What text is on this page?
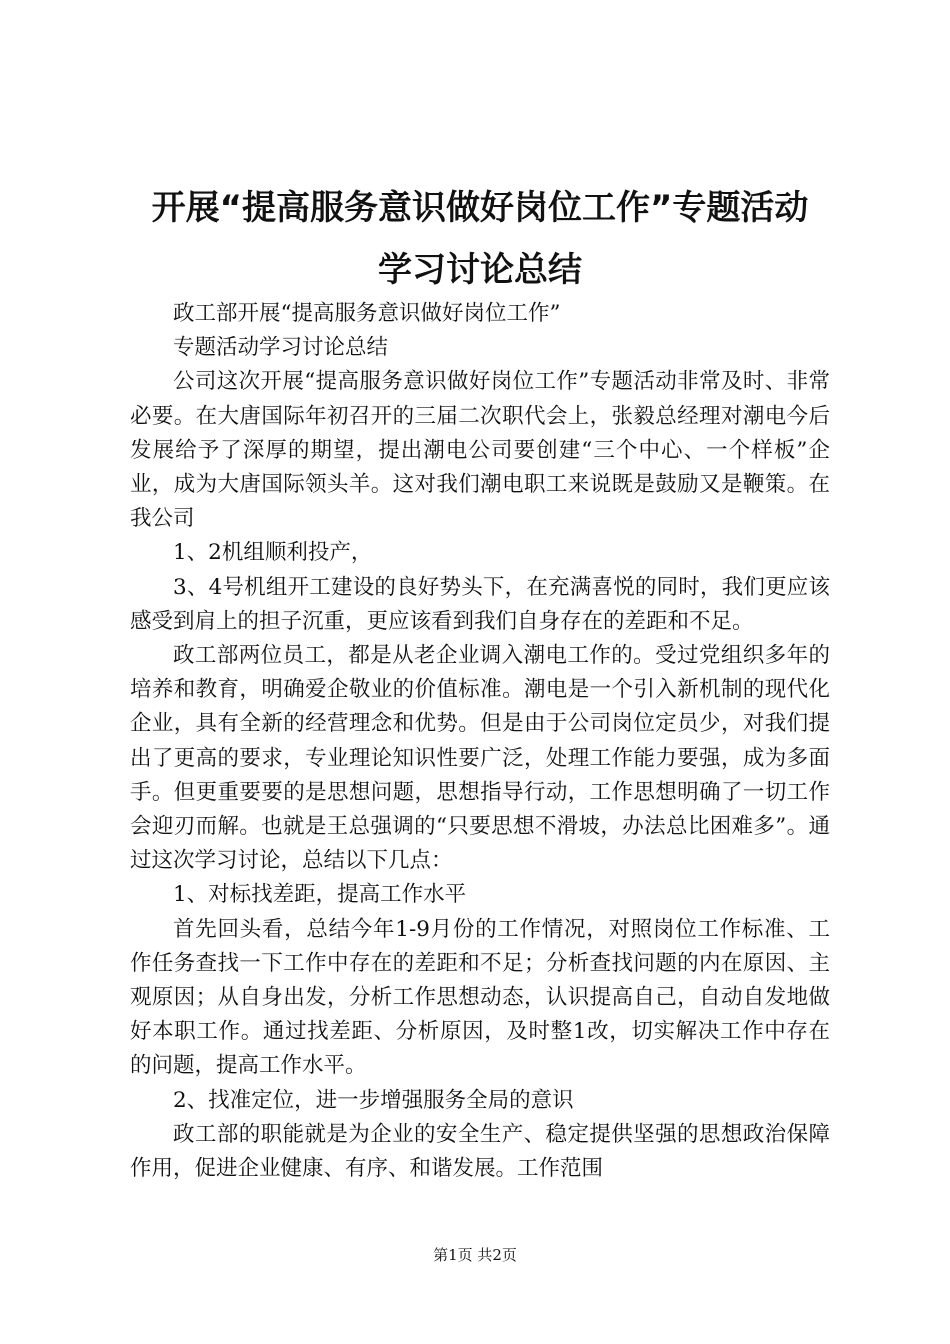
开展“提高服务意识做好岗位工作”专题活动
学习讨论总结

政工部开展“提高服务意识做好岗位工作”

专题活动学习讨论总结

公司这次开展“提高服务意识做好岗位工作”专题活动非常及时、非常必要。在大唐国际年初召开的三届二次职代会上，张毅总经理对潮电今后发展给予了深厚的期望，提出潮电公司要创建“三个中心、一个样板”企业，成为大唐国际领头羊。这对我们潮电职工来说既是鼓励又是鞭策。在我公司

1、2机组顺利投产，

3、4号机组开工建设的良好势头下，在充满喜悦的同时，我们更应该感受到肩上的担子沉重，更应该看到我们自身存在的差距和不足。

政工部两位员工，都是从老企业调入潮电工作的。受过党组织多年的培养和教育，明确爱企敬业的价值标准。潮电是一个引入新机制的现代化企业，具有全新的经营理念和优势。但是由于公司岗位定员少，对我们提出了更高的要求，专业理论知识性要广泛，处理工作能力要强，成为多面手。但更重要要的是思想问题，思想指导行动，工作思想明确了一切工作会迎刃而解。也就是王总强调的“只要思想不滑坡，办法总比困难多”。通过这次学习讨论，总结以下几点：

1、对标找差距，提高工作水平

首先回头看，总结今年1-9月份的工作情况，对照岗位工作标准、工作任务查找一下工作中存在的差距和不足；分析查找问题的内在原因、主观原因；从自身出发，分析工作思想动态，认识提高自己，自动自发地做好本职工作。通过找差距、分析原因，及时整1改，切实解决工作中存在的问题，提高工作水平。

2、找准定位，进一步增强服务全局的意识

政工部的职能就是为企业的安全生产、稳定提供坚强的思想政治保障作用，促进企业健康、有序、和谐发展。工作范围

第1页 共2页
